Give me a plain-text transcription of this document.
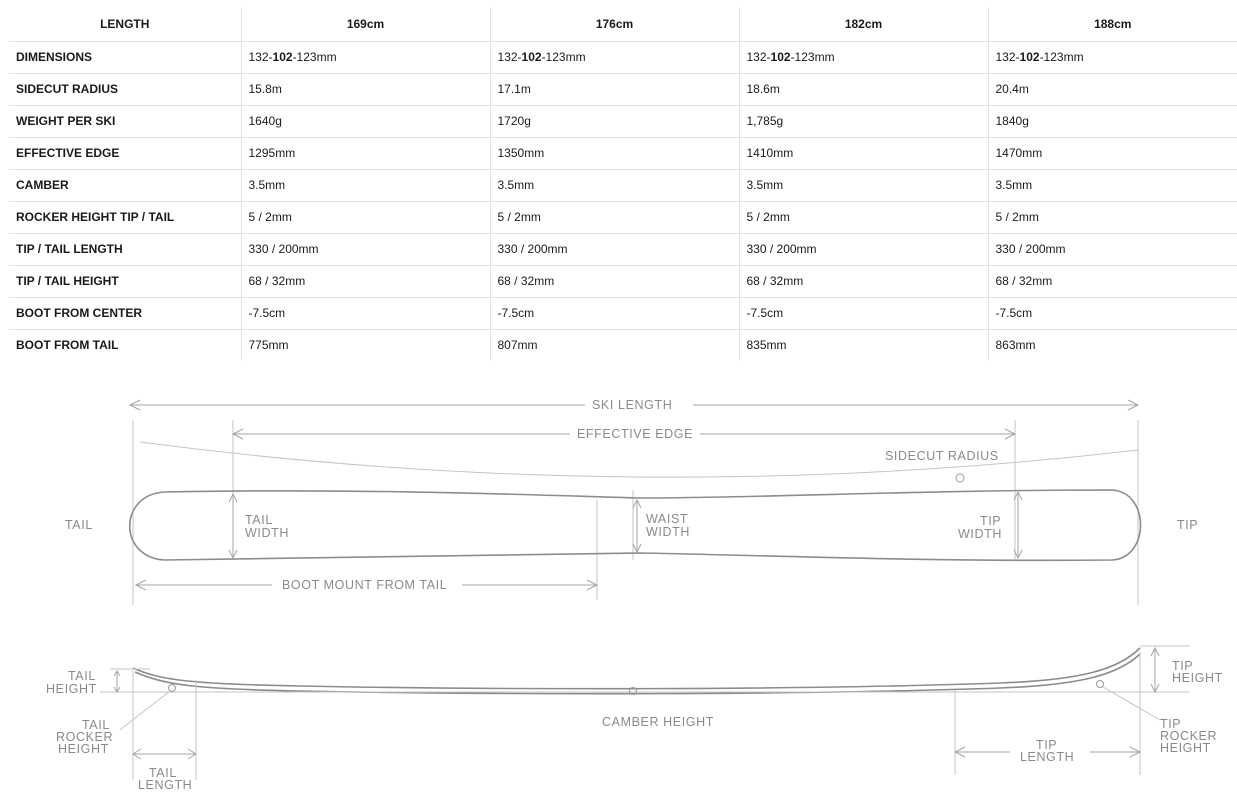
LENGTH	169cm	176cm	182cm	188cm
DIMENSIONS	132-102-123mm	132-102-123mm	132-102-123mm	132-102-123mm
SIDECUT RADIUS	15.8m	17.1m	18.6m	20.4m
WEIGHT PER SKI	1640g	1720g	1,785g	1840g
EFFECTIVE EDGE	1295mm	1350mm	1410mm	1470mm
CAMBER	3.5mm	3.5mm	3.5mm	3.5mm
ROCKER HEIGHT TIP / TAIL	5 / 2mm	5 / 2mm	5 / 2mm	5 / 2mm
TIP / TAIL LENGTH	330 / 200mm	330 / 200mm	330 / 200mm	330 / 200mm
TIP / TAIL HEIGHT	68 / 32mm	68 / 32mm	68 / 32mm	68 / 32mm
BOOT FROM CENTER	-7.5cm	-7.5cm	-7.5cm	-7.5cm
BOOT FROM TAIL	775mm	807mm	835mm	863mm
SKI LENGTH
EFFECTIVE EDGE
SIDECUT RADIUS
TAIL	TIP
TAIL
WIDTH
WAIST
WIDTH
TIP
WIDTH
BOOT MOUNT FROM TAIL
TAIL
HEIGHT
TAIL
ROCKER
HEIGHT
CAMBER HEIGHT
TIP
HEIGHT
TIP
ROCKER
HEIGHT
TIP
LENGTH
TAIL
LENGTH
